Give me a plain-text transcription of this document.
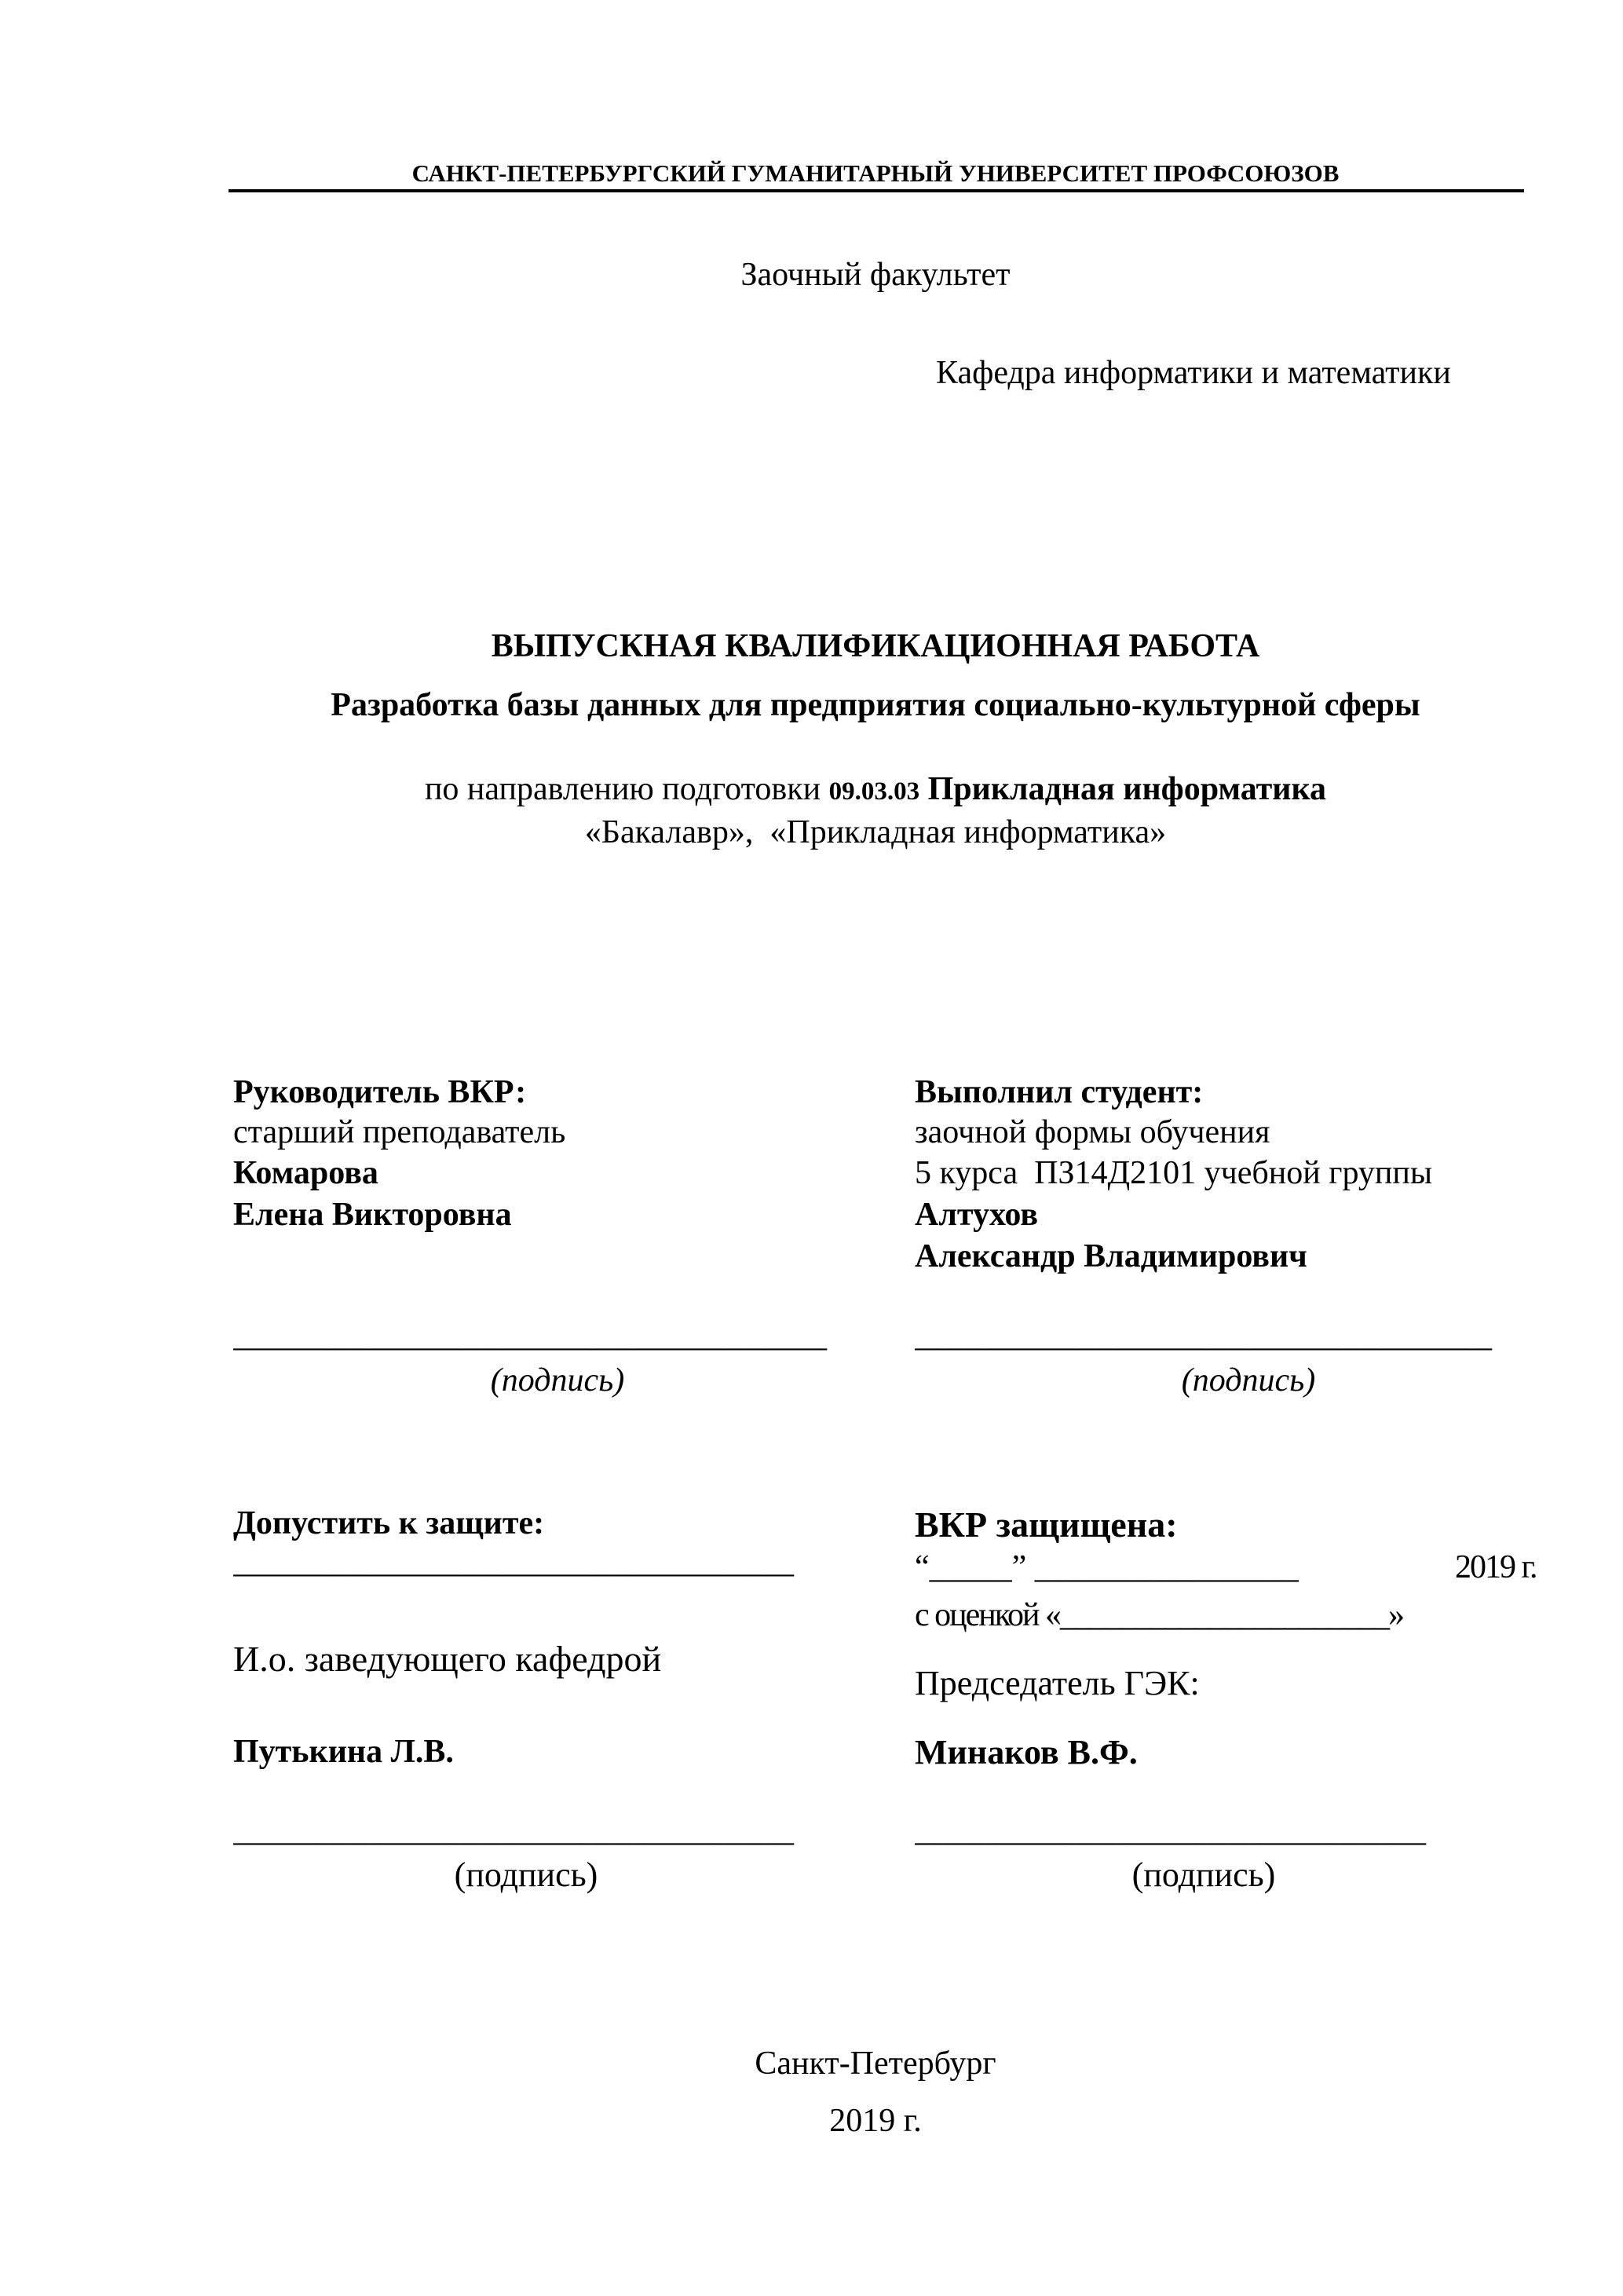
САНКТ-ПЕТЕРБУРГСКИЙ ГУМАНИТАРНЫЙ УНИВЕРСИТЕТ ПРОФСОЮЗОВ
Заочный факультет
Кафедра информатики и математики
ВЫПУСКНАЯ КВАЛИФИКАЦИОННАЯ РАБОТА
Разработка базы данных для предприятия социально-культурной сферы
по направлению подготовки 09.03.03 Прикладная информатика
«Бакалавр»,  «Прикладная информатика»
Руководитель ВКР:
старший преподаватель
Комарова
Елена Викторовна
____________________________________
(подпись)
Выполнил студент:
заочной формы обучения
5 курса  ПЗ14Д2101 учебной группы
Алтухов
Александр Владимирович
___________________________________
(подпись)
Допустить к защите:
__________________________________
И.о. заведующего кафедрой
Путькина Л.В.
__________________________________
(подпись)
ВКР защищена:
“_____” ________________	2019 г.
с оценкой «______________________»
Председатель ГЭК:
Минаков В.Ф.
_______________________________
(подпись)
Санкт-Петербург
2019 г.
